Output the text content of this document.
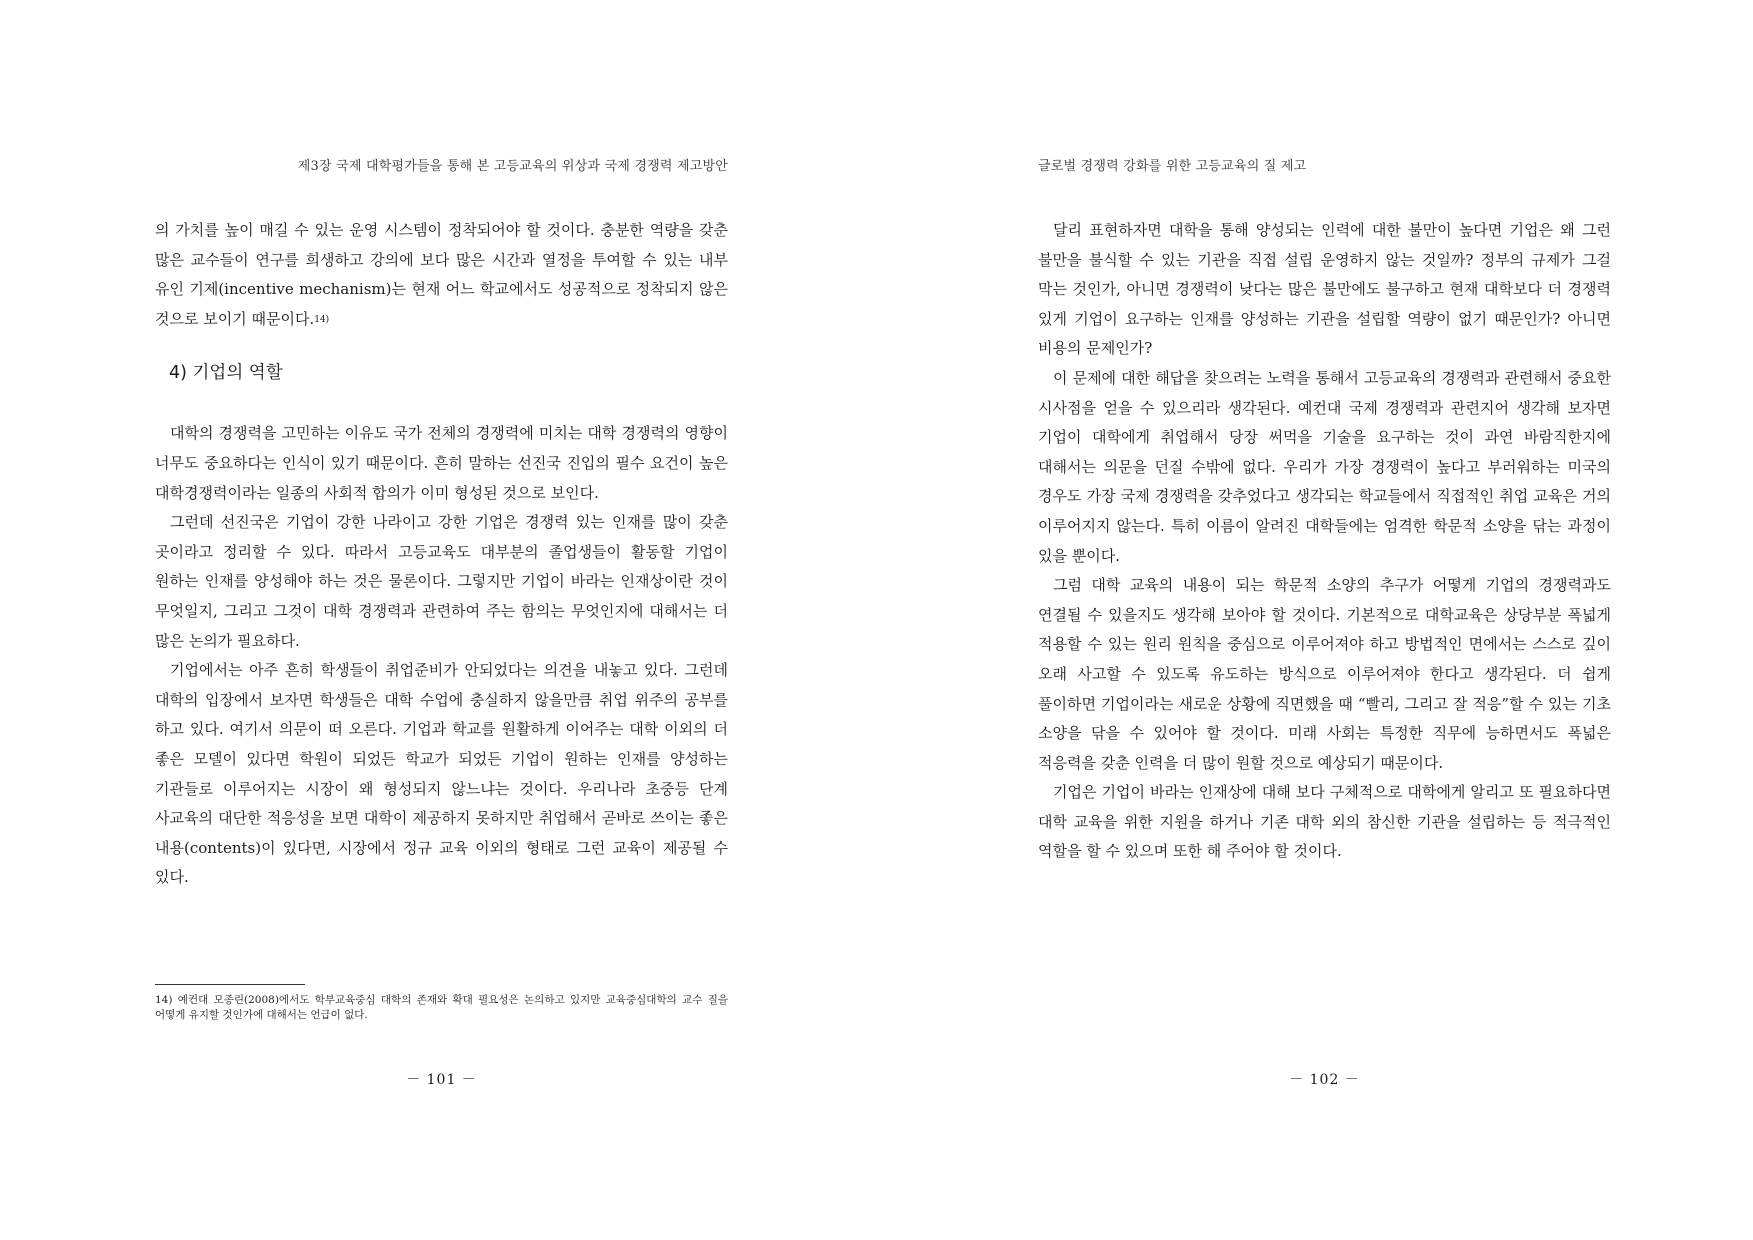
제3장 국제 대학평가들을 통해 본 고등교육의 위상과 국제 경쟁력 제고방안

의 가치를 높이 매길 수 있는 운영 시스템이 정착되어야 할 것이다. 충분한 역량을 갖춘 많은 교수들이 연구를 희생하고 강의에 보다 많은 시간과 열정을 투여할 수 있는 내부 유인 기제(incentive mechanism)는 현재 어느 학교에서도 성공적으로 정착되지 않은 것으로 보이기 때문이다.14)

4) 기업의 역할

대학의 경쟁력을 고민하는 이유도 국가 전체의 경쟁력에 미치는 대학 경쟁력의 영향이 너무도 중요하다는 인식이 있기 때문이다. 흔히 말하는 선진국 진입의 필수 요건이 높은 대학경쟁력이라는 일종의 사회적 합의가 이미 형성된 것으로 보인다.

그런데 선진국은 기업이 강한 나라이고 강한 기업은 경쟁력 있는 인재를 많이 갖춘 곳이라고 정리할 수 있다. 따라서 고등교육도 대부분의 졸업생들이 활동할 기업이 원하는 인재를 양성해야 하는 것은 물론이다. 그렇지만 기업이 바라는 인재상이란 것이 무엇일지, 그리고 그것이 대학 경쟁력과 관련하여 주는 함의는 무엇인지에 대해서는 더 많은 논의가 필요하다.

기업에서는 아주 흔히 학생들이 취업준비가 안되었다는 의견을 내놓고 있다. 그런데 대학의 입장에서 보자면 학생들은 대학 수업에 충실하지 않을만큼 취업 위주의 공부를 하고 있다. 여기서 의문이 떠 오른다. 기업과 학교를 원활하게 이어주는 대학 이외의 더 좋은 모델이 있다면 학원이 되었든 학교가 되었든 기업이 원하는 인재를 양성하는 기관들로 이루어지는 시장이 왜 형성되지 않느냐는 것이다. 우리나라 초중등 단계 사교육의 대단한 적응성을 보면 대학이 제공하지 못하지만 취업해서 곧바로 쓰이는 좋은 내용(contents)이 있다면, 시장에서 정규 교육 이외의 형태로 그런 교육이 제공될 수 있다.

14) 예컨대 모종린(2008)에서도 학부교육중심 대학의 존재와 확대 필요성은 논의하고 있지만 교육중심대학의 교수 질을 어떻게 유지할 것인가에 대해서는 언급이 없다.
－ 101 －
글로벌 경쟁력 강화를 위한 고등교육의 질 제고

달리 표현하자면 대학을 통해 양성되는 인력에 대한 불만이 높다면 기업은 왜 그런 불만을 불식할 수 있는 기관을 직접 설립 운영하지 않는 것일까? 정부의 규제가 그걸 막는 것인가, 아니면 경쟁력이 낮다는 많은 불만에도 불구하고 현재 대학보다 더 경쟁력 있게 기업이 요구하는 인재를 양성하는 기관을 설립할 역량이 없기 때문인가? 아니면 비용의 문제인가?

이 문제에 대한 해답을 찾으려는 노력을 통해서 고등교육의 경쟁력과 관련해서 중요한 시사점을 얻을 수 있으리라 생각된다. 예컨대 국제 경쟁력과 관련지어 생각해 보자면 기업이 대학에게 취업해서 당장 써먹을 기술을 요구하는 것이 과연 바람직한지에 대해서는 의문을 던질 수밖에 없다. 우리가 가장 경쟁력이 높다고 부러워하는 미국의 경우도 가장 국제 경쟁력을 갖추었다고 생각되는 학교들에서 직접적인 취업 교육은 거의 이루어지지 않는다. 특히 이름이 알려진 대학들에는 엄격한 학문적 소양을 닦는 과정이 있을 뿐이다.

그럼 대학 교육의 내용이 되는 학문적 소양의 추구가 어떻게 기업의 경쟁력과도 연결될 수 있을지도 생각해 보아야 할 것이다. 기본적으로 대학교육은 상당부분 폭넓게 적용할 수 있는 원리 원칙을 중심으로 이루어져야 하고 방법적인 면에서는 스스로 깊이 오래 사고할 수 있도록 유도하는 방식으로 이루어져야 한다고 생각된다. 더 쉽게 풀이하면 기업이라는 새로운 상황에 직면했을 때 “빨리, 그리고 잘 적응”할 수 있는 기초 소양을 닦을 수 있어야 할 것이다. 미래 사회는 특정한 직무에 능하면서도 폭넓은 적응력을 갖춘 인력을 더 많이 원할 것으로 예상되기 때문이다.

기업은 기업이 바라는 인재상에 대해 보다 구체적으로 대학에게 알리고 또 필요하다면 대학 교육을 위한 지원을 하거나 기존 대학 외의 참신한 기관을 설립하는 등 적극적인 역할을 할 수 있으며 또한 해 주어야 할 것이다.

－ 102 －
